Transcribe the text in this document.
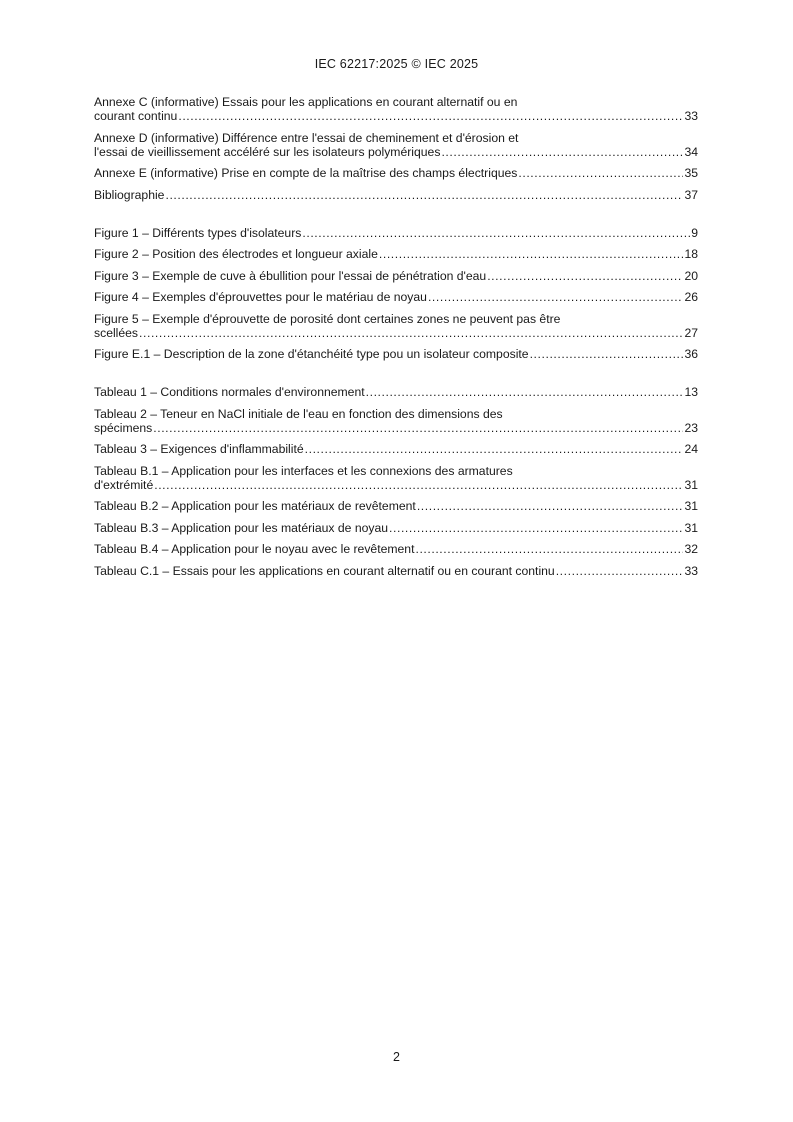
IEC 62217:2025 © IEC 2025
Annexe C (informative) Essais pour les applications en courant alternatif ou en
courant continu . . .	33
Annexe D (informative) Différence entre l'essai de cheminement et d'érosion et
l'essai de vieillissement accéléré sur les isolateurs polymériques . . .	34
Annexe E (informative) Prise en compte de la maîtrise des champs électriques . . .	35
Bibliographie . . .	37
Figure 1 – Différents types d'isolateurs . . .	9
Figure 2 – Position des électrodes et longueur axiale . . .	18
Figure 3 – Exemple de cuve à ébullition pour l'essai de pénétration d'eau . . .	20
Figure 4 – Exemples d'éprouvettes pour le matériau de noyau . . .	26
Figure 5 – Exemple d'éprouvette de porosité dont certaines zones ne peuvent pas être
scellées . . .	27
Figure E.1 – Description de la zone d'étanchéité type pou un isolateur composite . . .	36
Tableau 1 – Conditions normales d'environnement . . .	13
Tableau 2 – Teneur en NaCl initiale de l'eau en fonction des dimensions des
spécimens . . .	23
Tableau 3 – Exigences d'inflammabilité . . .	24
Tableau B.1 – Application pour les interfaces et les connexions des armatures
d'extrémité . . .	31
Tableau B.2 – Application pour les matériaux de revêtement . . .	31
Tableau B.3 – Application pour les matériaux de noyau . . .	31
Tableau B.4 – Application pour le noyau avec le revêtement . . .	32
Tableau C.1 – Essais pour les applications en courant alternatif ou en courant continu . . .	33
2
